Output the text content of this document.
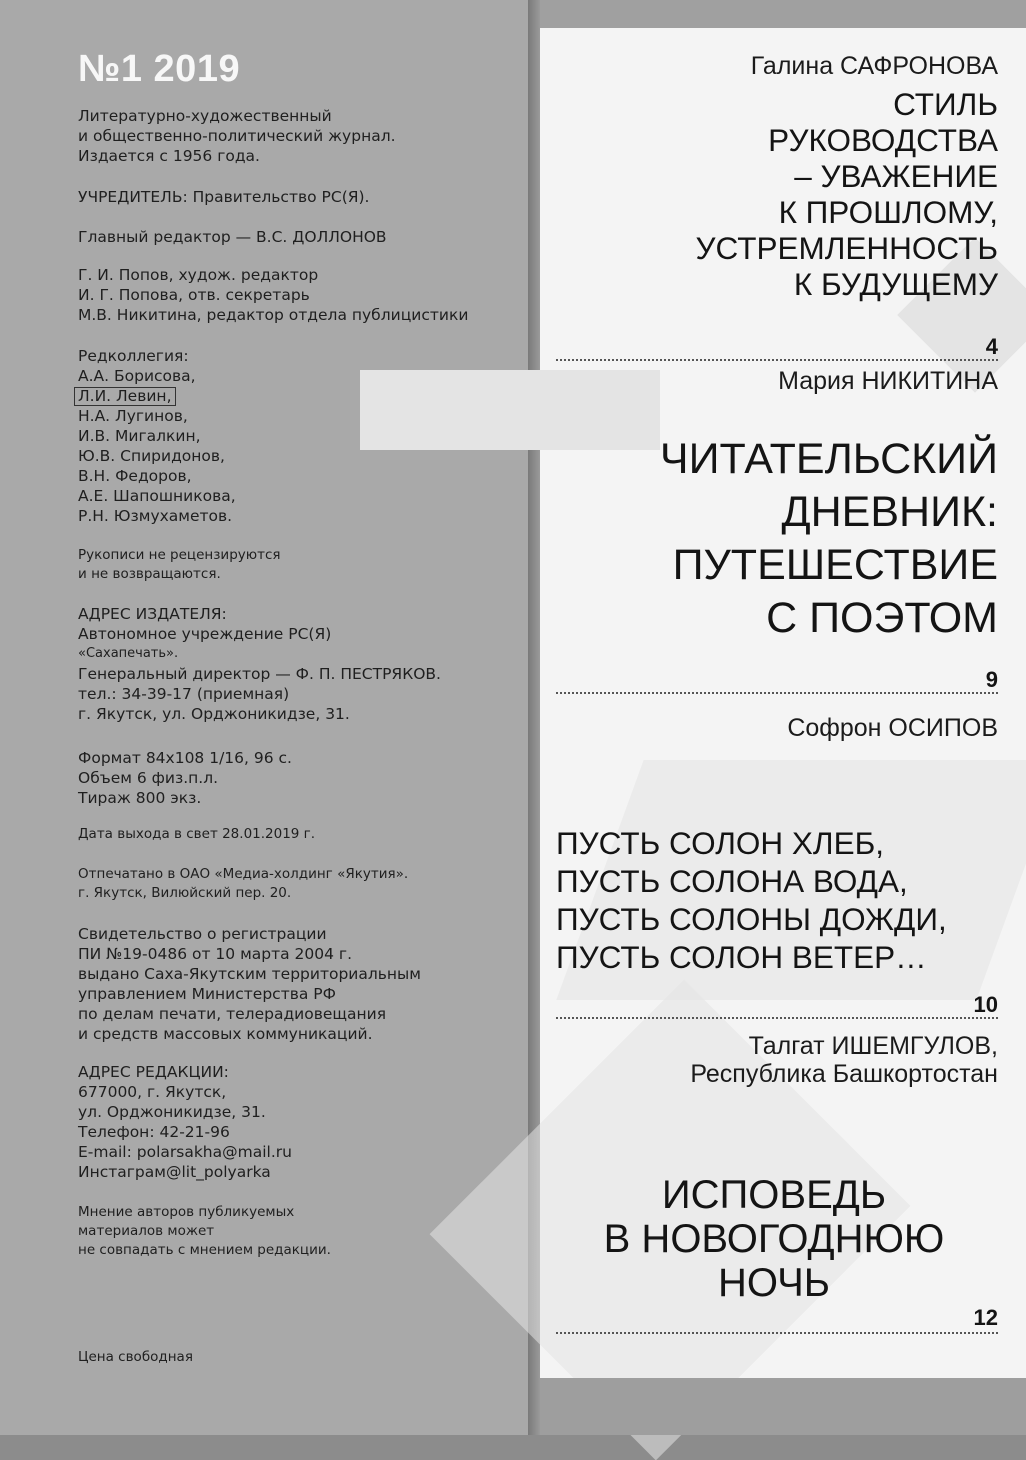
№1 2019
Литературно-художественный
и общественно-политический журнал.
Издается с 1956 года.
УЧРЕДИТЕЛЬ: Правительство РС(Я).
Главный редактор — В.С. ДОЛЛОНОВ
Г. И. Попов, худож. редактор
И. Г. Попова, отв. секретарь
М.В. Никитина, редактор отдела публицистики
Редколлегия:
А.А. Борисова,
Л.И. Левин,
Н.А. Лугинов,
И.В. Мигалкин,
Ю.В. Спиридонов,
В.Н. Федоров,
А.Е. Шапошникова,
Р.Н. Юзмухаметов.
Рукописи не рецензируются
и не возвращаются.
АДРЕС ИЗДАТЕЛЯ:
Автономное учреждение РС(Я)
«Сахапечать».
Генеральный директор — Ф. П. ПЕСТРЯКОВ.
тел.: 34-39-17 (приемная)
г. Якутск, ул. Орджоникидзе, 31.
Формат 84х108 1/16, 96 с.
Объем 6 физ.п.л.
Тираж 800 экз.
Дата выхода в свет 28.01.2019 г.
Отпечатано в ОАО «Медиа-холдинг «Якутия».
г. Якутск, Вилюйский пер. 20.
Свидетельство о регистрации
ПИ №19-0486 от 10 марта 2004 г.
выдано Саха-Якутским территориальным
управлением Министерства РФ
по делам печати, телерадиовещания
и средств массовых коммуникаций.
АДРЕС РЕДАКЦИИ:
677000, г. Якутск,
ул. Орджоникидзе, 31.
Телефон: 42-21-96
E-mail: polarsakha@mail.ru
Инстаграм@lit_polyarka
Мнение авторов публикуемых
материалов может
не совпадать с мнением редакции.
Цена свободная
Галина САФРОНОВА
СТИЛЬ
РУКОВОДСТВА
– УВАЖЕНИЕ
К ПРОШЛОМУ,
УСТРЕМЛЕННОСТЬ
К БУДУЩЕМУ
4
Мария НИКИТИНА
ЧИТАТЕЛЬСКИЙ
ДНЕВНИК:
ПУТЕШЕСТВИЕ
С ПОЭТОМ
9
Софрон ОСИПОВ
ПУСТЬ СОЛОН ХЛЕБ,
ПУСТЬ СОЛОНА ВОДА,
ПУСТЬ СОЛОНЫ ДОЖДИ,
ПУСТЬ СОЛОН ВЕТЕР…
10
Талгат ИШЕМГУЛОВ,
Республика Башкортостан
ИСПОВЕДЬ
В НОВОГОДНЮЮ
НОЧЬ
12
